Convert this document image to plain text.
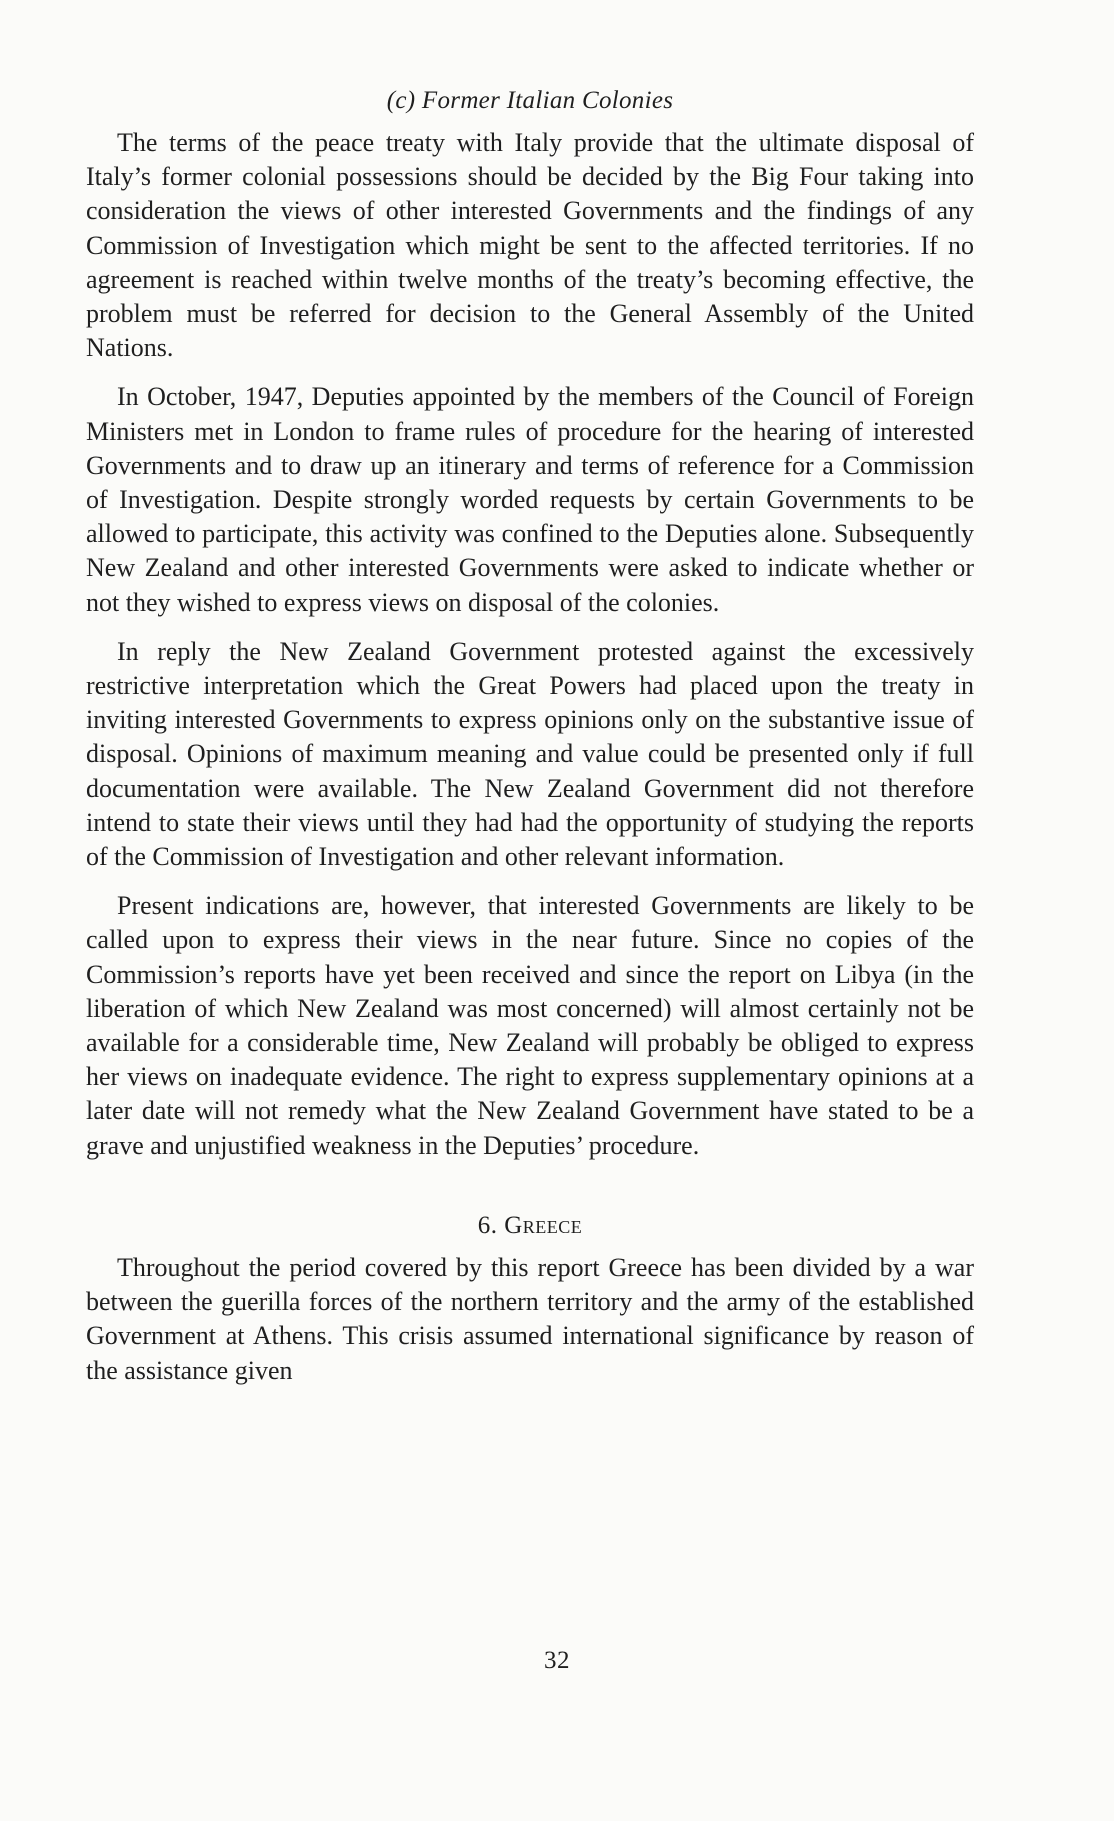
(c) Former Italian Colonies

The terms of the peace treaty with Italy provide that the ultimate disposal of Italy’s former colonial possessions should be decided by the Big Four taking into consideration the views of other interested Governments and the findings of any Commission of Investigation which might be sent to the affected territories. If no agreement is reached within twelve months of the treaty’s becoming effective, the problem must be referred for decision to the General Assembly of the United Nations.

In October, 1947, Deputies appointed by the members of the Council of Foreign Ministers met in London to frame rules of procedure for the hearing of interested Governments and to draw up an itinerary and terms of reference for a Commission of Investigation. Despite strongly worded requests by certain Governments to be allowed to participate, this activity was confined to the Deputies alone. Subsequently New Zealand and other interested Governments were asked to indicate whether or not they wished to express views on disposal of the colonies.

In reply the New Zealand Government protested against the excessively restrictive interpretation which the Great Powers had placed upon the treaty in inviting interested Governments to express opinions only on the substantive issue of disposal. Opinions of maximum meaning and value could be presented only if full documentation were available. The New Zealand Government did not therefore intend to state their views until they had had the opportunity of studying the reports of the Commission of Investigation and other relevant information.

Present indications are, however, that interested Governments are likely to be called upon to express their views in the near future. Since no copies of the Commission’s reports have yet been received and since the report on Libya (in the liberation of which New Zealand was most concerned) will almost certainly not be available for a considerable time, New Zealand will probably be obliged to express her views on inadequate evidence. The right to express supplementary opinions at a later date will not remedy what the New Zealand Government have stated to be a grave and unjustified weakness in the Deputies’ procedure.

6. Greece

Throughout the period covered by this report Greece has been divided by a war between the guerilla forces of the northern territory and the army of the established Government at Athens. This crisis assumed international significance by reason of the assistance given

32
